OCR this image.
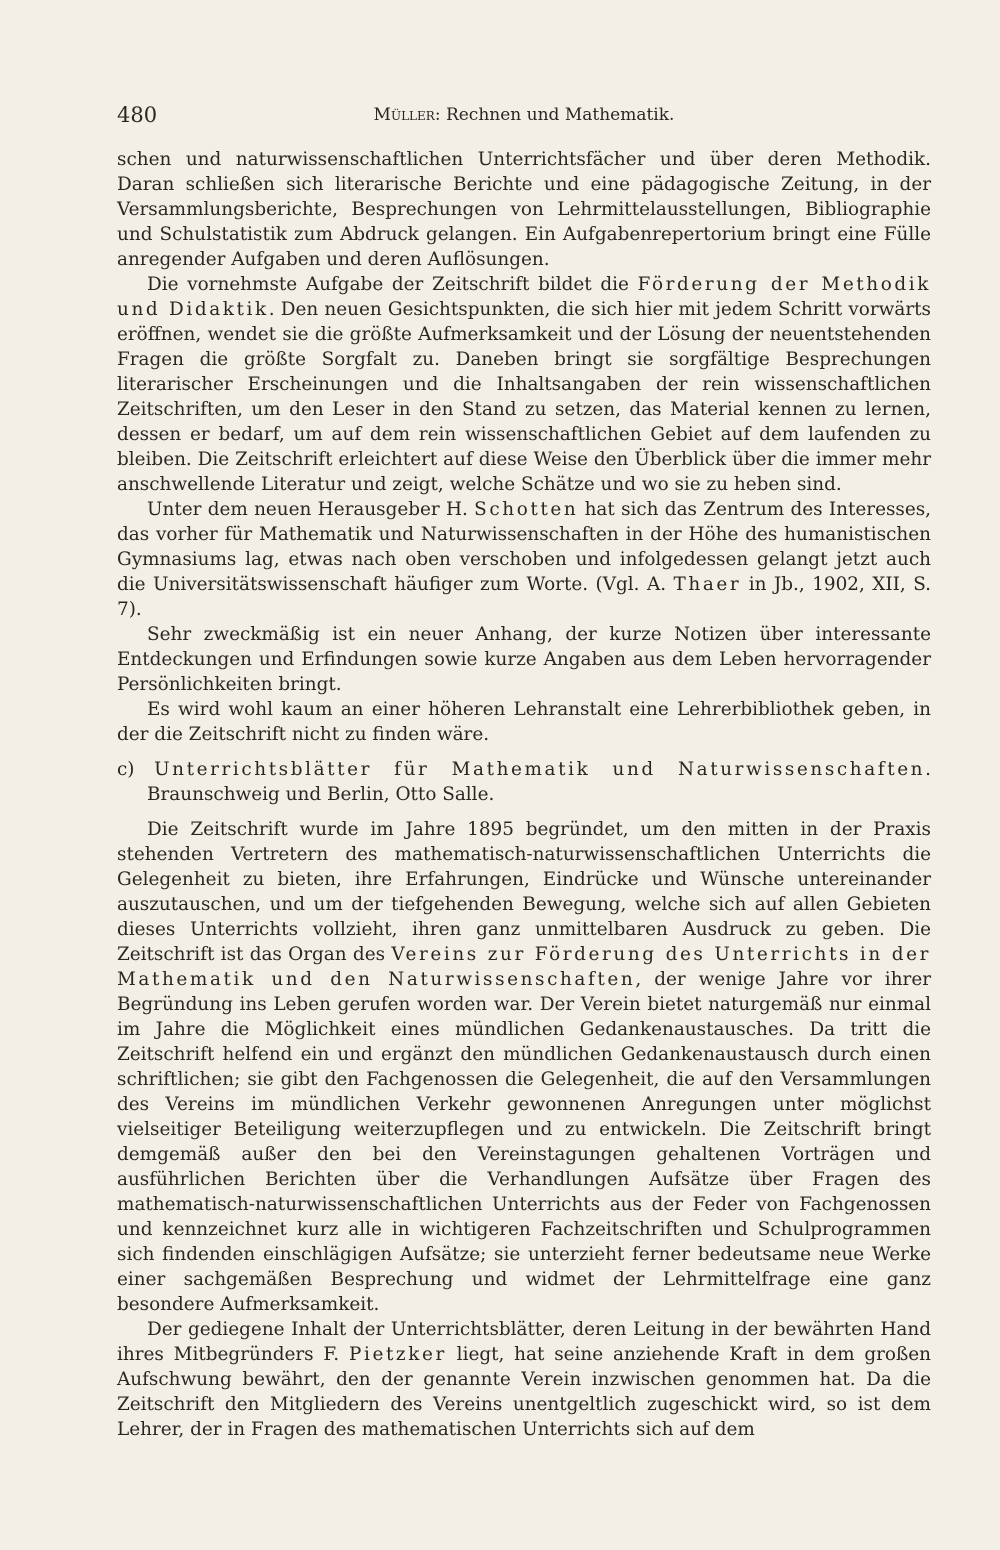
480	Müller: Rechnen und Mathematik.

schen und naturwissenschaftlichen Unterrichtsfächer und über deren Methodik. Daran schließen sich literarische Berichte und eine pädagogische Zeitung, in der Versammlungsberichte, Besprechungen von Lehrmittelausstellungen, Bibliographie und Schulstatistik zum Abdruck gelangen. Ein Aufgabenrepertorium bringt eine Fülle anregender Aufgaben und deren Auflösungen.

Die vornehmste Aufgabe der Zeitschrift bildet die Förderung der Methodik und Didaktik. Den neuen Gesichtspunkten, die sich hier mit jedem Schritt vorwärts eröffnen, wendet sie die größte Aufmerksamkeit und der Lösung der neuentstehenden Fragen die größte Sorgfalt zu. Daneben bringt sie sorgfältige Besprechungen literarischer Erscheinungen und die Inhaltsangaben der rein wissenschaftlichen Zeitschriften, um den Leser in den Stand zu setzen, das Material kennen zu lernen, dessen er bedarf, um auf dem rein wissenschaftlichen Gebiet auf dem laufenden zu bleiben. Die Zeitschrift erleichtert auf diese Weise den Überblick über die immer mehr anschwellende Literatur und zeigt, welche Schätze und wo sie zu heben sind.

Unter dem neuen Herausgeber H. Schotten hat sich das Zentrum des Interesses, das vorher für Mathematik und Naturwissenschaften in der Höhe des humanistischen Gymnasiums lag, etwas nach oben verschoben und infolgedessen gelangt jetzt auch die Universitätswissenschaft häufiger zum Worte. (Vgl. A. Thaer in Jb., 1902, XII, S. 7).

Sehr zweckmäßig ist ein neuer Anhang, der kurze Notizen über interessante Entdeckungen und Erfindungen sowie kurze Angaben aus dem Leben hervorragender Persönlichkeiten bringt.

Es wird wohl kaum an einer höheren Lehranstalt eine Lehrerbibliothek geben, in der die Zeitschrift nicht zu finden wäre.

c) Unterrichtsblätter für Mathematik und Naturwissenschaften. Braunschweig und Berlin, Otto Salle.

Die Zeitschrift wurde im Jahre 1895 begründet, um den mitten in der Praxis stehenden Vertretern des mathematisch-naturwissenschaftlichen Unterrichts die Gelegenheit zu bieten, ihre Erfahrungen, Eindrücke und Wünsche untereinander auszutauschen, und um der tiefgehenden Bewegung, welche sich auf allen Gebieten dieses Unterrichts vollzieht, ihren ganz unmittelbaren Ausdruck zu geben. Die Zeitschrift ist das Organ des Vereins zur Förderung des Unterrichts in der Mathematik und den Naturwissenschaften, der wenige Jahre vor ihrer Begründung ins Leben gerufen worden war. Der Verein bietet naturgemäß nur einmal im Jahre die Möglichkeit eines mündlichen Gedankenaustausches. Da tritt die Zeitschrift helfend ein und ergänzt den mündlichen Gedankenaustausch durch einen schriftlichen; sie gibt den Fachgenossen die Gelegenheit, die auf den Versammlungen des Vereins im mündlichen Verkehr gewonnenen Anregungen unter möglichst vielseitiger Beteiligung weiterzupflegen und zu entwickeln. Die Zeitschrift bringt demgemäß außer den bei den Vereinstagungen gehaltenen Vorträgen und ausführlichen Berichten über die Verhandlungen Aufsätze über Fragen des mathematisch-naturwissenschaftlichen Unterrichts aus der Feder von Fachgenossen und kennzeichnet kurz alle in wichtigeren Fachzeitschriften und Schulprogrammen sich findenden einschlägigen Aufsätze; sie unterzieht ferner bedeutsame neue Werke einer sachgemäßen Besprechung und widmet der Lehrmittelfrage eine ganz besondere Aufmerksamkeit.

Der gediegene Inhalt der Unterrichtsblätter, deren Leitung in der bewährten Hand ihres Mitbegründers F. Pietzker liegt, hat seine anziehende Kraft in dem großen Aufschwung bewährt, den der genannte Verein inzwischen genommen hat. Da die Zeitschrift den Mitgliedern des Vereins unentgeltlich zugeschickt wird, so ist dem Lehrer, der in Fragen des mathematischen Unterrichts sich auf dem
